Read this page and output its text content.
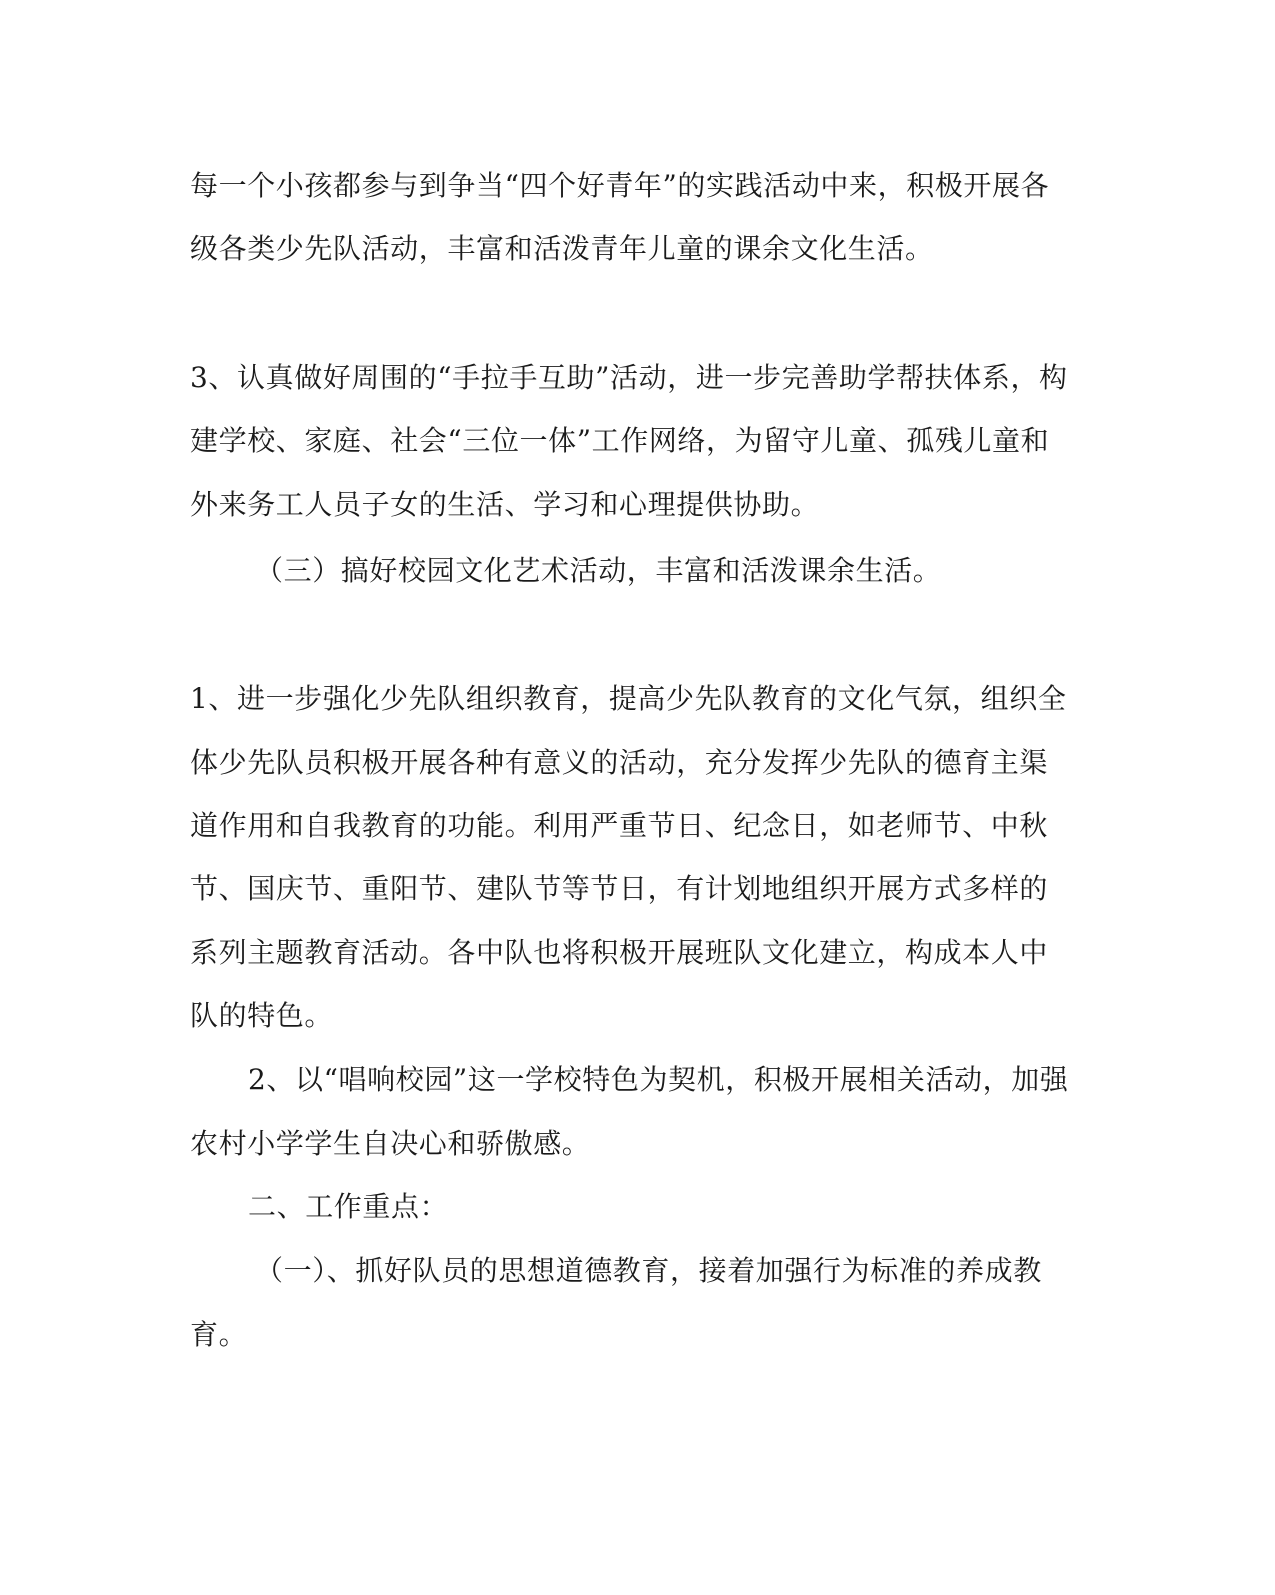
每一个小孩都参与到争当“四个好青年”的实践活动中来，积极开展各
级各类少先队活动，丰富和活泼青年儿童的课余文化生活。
3、认真做好周围的“手拉手互助”活动，进一步完善助学帮扶体系，构
建学校、家庭、社会“三位一体”工作网络，为留守儿童、孤残儿童和
外来务工人员子女的生活、学习和心理提供协助。
（三）搞好校园文化艺术活动，丰富和活泼课余生活。
1、进一步强化少先队组织教育，提高少先队教育的文化气氛，组织全
体少先队员积极开展各种有意义的活动，充分发挥少先队的德育主渠
道作用和自我教育的功能。利用严重节日、纪念日，如老师节、中秋
节、国庆节、重阳节、建队节等节日，有计划地组织开展方式多样的
系列主题教育活动。各中队也将积极开展班队文化建立，构成本人中
队的特色。
2、以“唱响校园”这一学校特色为契机，积极开展相关活动，加强
农村小学学生自决心和骄傲感。
二、工作重点：
（一）、抓好队员的思想道德教育，接着加强行为标准的养成教
育。
